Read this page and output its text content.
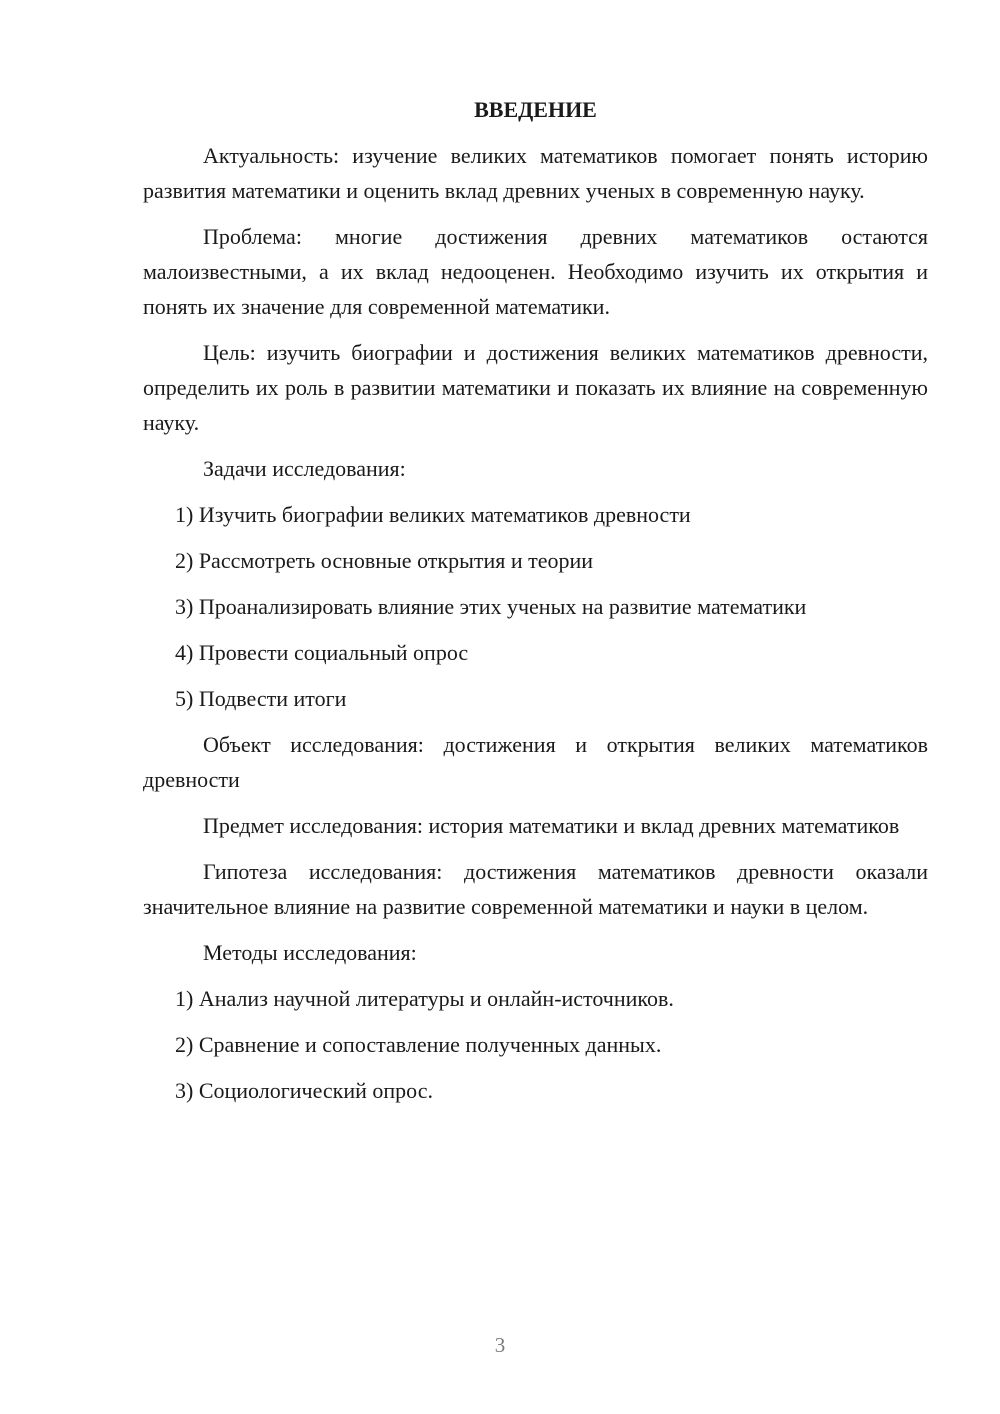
ВВЕДЕНИЕ

Актуальность: изучение великих математиков помогает понять историю развития математики и оценить вклад древних ученых в современную науку.

Проблема: многие достижения древних математиков остаются малоизвестными, а их вклад недооценен. Необходимо изучить их открытия и понять их значение для современной математики.

Цель: изучить биографии и достижения великих математиков древности, определить их роль в развитии математики и показать их влияние на современную науку.

Задачи исследования:

1) Изучить биографии великих математиков древности

2) Рассмотреть основные открытия и теории

3) Проанализировать влияние этих ученых на развитие математики

4) Провести социальный опрос

5) Подвести итоги

Объект исследования: достижения и открытия великих математиков древности

Предмет исследования: история математики и вклад древних математиков

Гипотеза исследования: достижения математиков древности оказали значительное влияние на развитие современной математики и науки в целом.

Методы исследования:

1) Анализ научной литературы и онлайн-источников.

2) Сравнение и сопоставление полученных данных.

3) Социологический опрос.

3
